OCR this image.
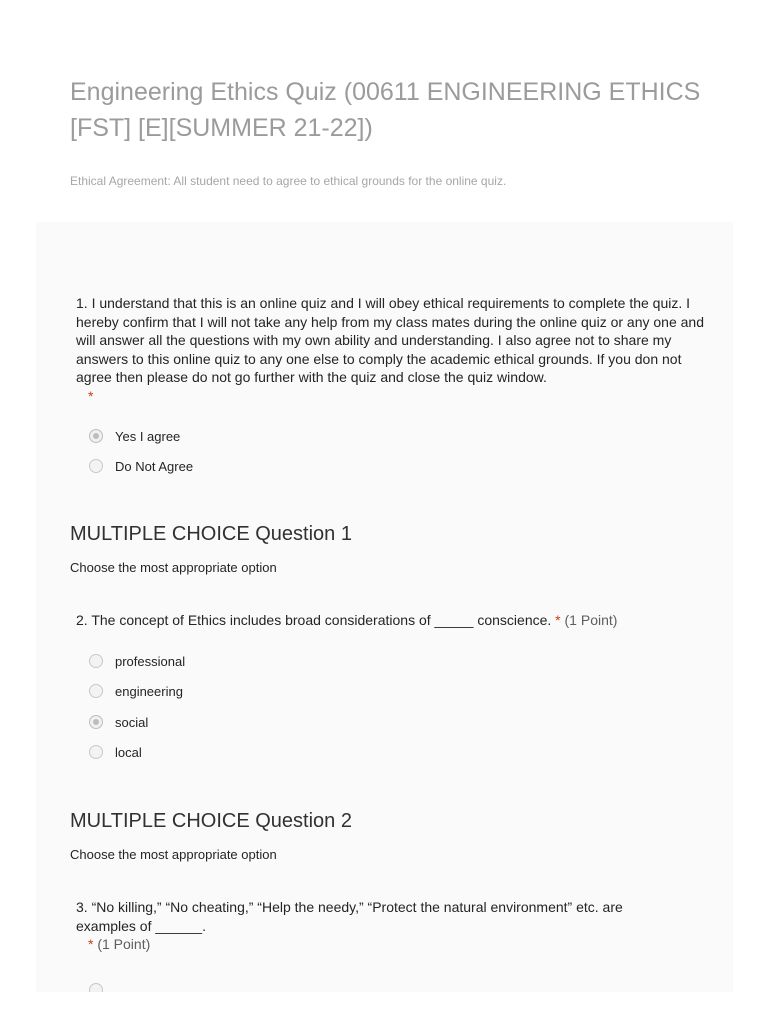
Engineering Ethics Quiz (00611 ENGINEERING ETHICS [FST] [E][SUMMER 21-22])
Ethical Agreement: All student need to agree to ethical grounds for the online quiz.
1. I understand that this is an online quiz and I will obey ethical requirements to complete the quiz. I hereby confirm that I will not take any help from my class mates during the online quiz or any one and will answer all the questions with my own ability and understanding. I also agree not to share my answers to this online quiz to any one else to comply the academic ethical grounds. If you don not agree then please do not go further with the quiz and close the quiz window.
*
Yes I agree
Do Not Agree
MULTIPLE CHOICE Question 1
Choose the most appropriate option
2. The concept of Ethics includes broad considerations of _____ conscience. * (1 Point)
professional
engineering
social
local
MULTIPLE CHOICE Question 2
Choose the most appropriate option
3. “No killing,” “No cheating,” “Help the needy,” “Protect the natural environment” etc. are examples of ______.
* (1 Point)
